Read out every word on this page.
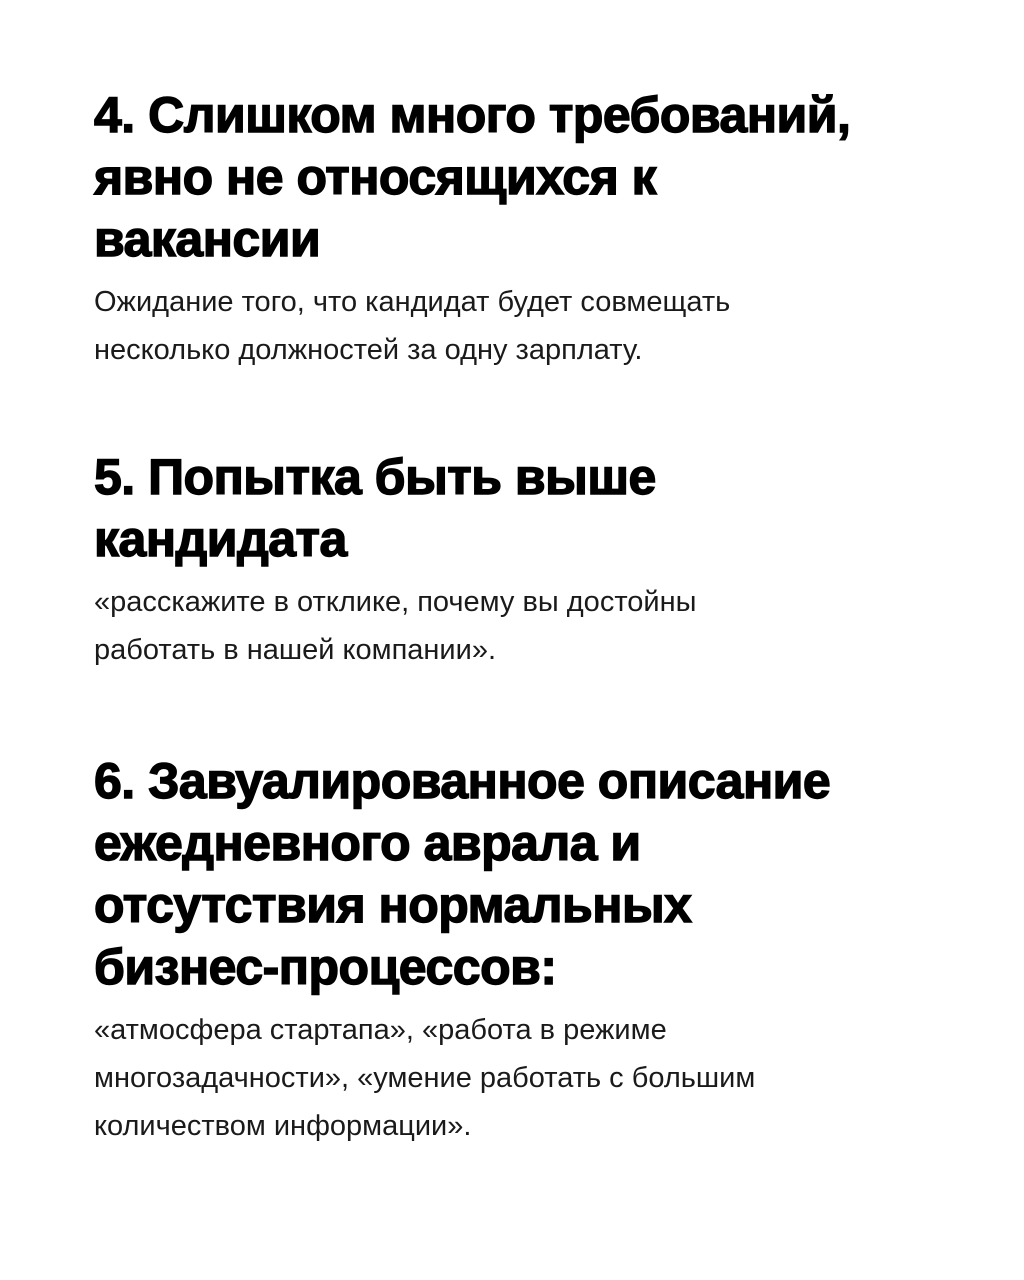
4. Слишком много требований,
явно не относящихся к
вакансии

Ожидание того, что кандидат будет совмещать
несколько должностей за одну зарплату.

5. Попытка быть выше
кандидата

«расскажите в отклике, почему вы достойны
работать в нашей компании».

6. Завуалированное описание
ежедневного аврала и
отсутствия нормальных
бизнес-процессов:

«атмосфера стартапа», «работа в режиме
многозадачности», «умение работать с большим
количеством информации».
